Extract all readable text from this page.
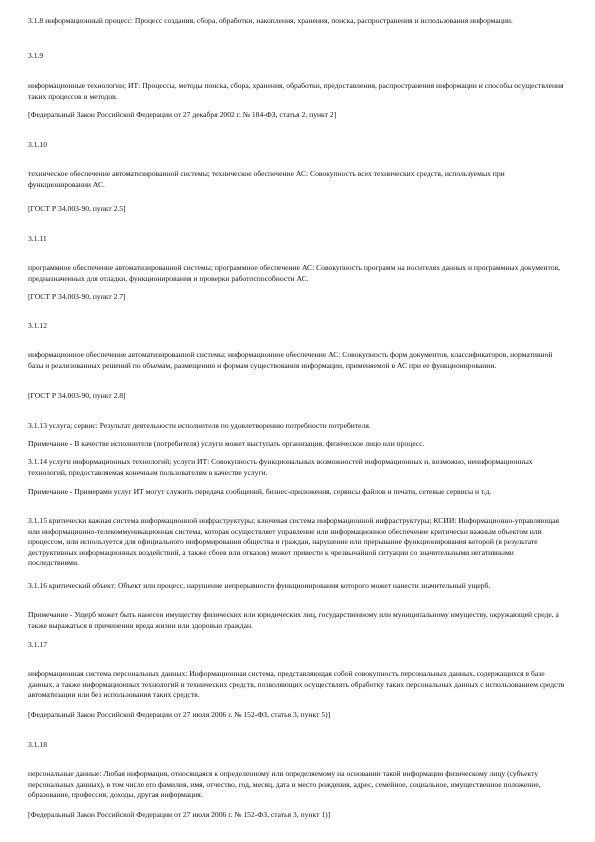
3.1.8 информационный процесс: Процесс создания, сбора, обработки, накопления, хранения, поиска, распространения и использования информации.

3.1.9

информационные технологии; ИТ: Процессы, методы поиска, сбора, хранения, обработки, предоставления, распространения информации и способы осуществления таких процессов и методов.

[Федеральный Закон Российской Федерации от 27 декабря 2002 г. № 184-ФЗ, статья 2, пункт 2]

3.1.10

техническое обеспечение автоматизированной системы; техническое обеспечение АС: Совокупность всех технических средств, используемых при функционировании АС.

[ГОСТ Р 34.003-90, пункт 2.5]

3.1.11

программное обеспечение автоматизированной системы; программное обеспечение АС: Совокупность программ на носителях данных и программных документов, предназначенных для отладки, функционирования и проверки работоспособности АС.

[ГОСТ Р 34.003-90, пункт 2.7]

3.1.12

информационное обеспечение автоматизированной системы; информационное обеспечение АС: Совокупность форм документов, классификаторов, нормативной базы и реализованных решений по объемам, размещению и формам существования информации, применяемой в АС при ее функционировании.

[ГОСТ Р 34.003-90, пункт 2.8]

3.1.13 услуга; сервис: Результат деятельности исполнителя по удовлетворению потребности потребителя.

Примечание - В качестве исполнителя (потребителя) услуги может выступать организация, физическое лицо или процесс.

3.1.14 услуги информационных технологий; услуги ИТ: Совокупность функциональных возможностей информационных и, возможно, неинформационных технологий, предоставляемая конечным пользователям в качестве услуги.

Примечание - Примерами услуг ИТ могут служить передача сообщений, бизнес-приложения, сервисы файлов и печати, сетевые сервисы и т.д.

3.1.15 критически важная система информационной инфраструктуры; ключевая система информационной инфраструктуры; КСИИ: Информационно-управляющая или информационно-телекоммуникационная система, которая осуществляет управление или информационное обеспечение критически важным объектом или процессом, или используется для официального информирования общества и граждан, нарушение или прерывание функционирования которой (в результате деструктивных информационных воздействий, а также сбоев или отказов) может привести к чрезвычайной ситуации со значительными негативными последствиями.

3.1.16 критический объект: Объект или процесс, нарушение непрерывности функционирования которого может нанести значительный ущерб.

Примечание - Ущерб может быть нанесен имуществу физических или юридических лиц, государственному или муниципальному имуществу, окружающей среде, а также выражаться в причинении вреда жизни или здоровью граждан.

3.1.17

информационная система персональных данных: Информационная система, представляющая собой совокупность персональных данных, содержащихся в базе данных, а также информационных технологий и технических средств, позволяющих осуществлять обработку таких персональных данных с использованием средств автоматизации или без использования таких средств.

[Федеральный Закон Российской Федерации от 27 июля 2006 г. № 152-ФЗ, статья 3, пункт 5)]

3.1.18

персональные данные: Любая информация, относящаяся к определенному или определяемому на основании такой информации физическому лицу (субъекту персональных данных), в том числе его фамилия, имя, отчество, год, месяц, дата и место рождения, адрес, семейное, социальное, имущественное положение, образование, профессия, доходы, другая информация.

[Федеральный Закон Российской Федерации от 27 июля 2006 г. № 152-ФЗ, статья 3, пункт 1)]
